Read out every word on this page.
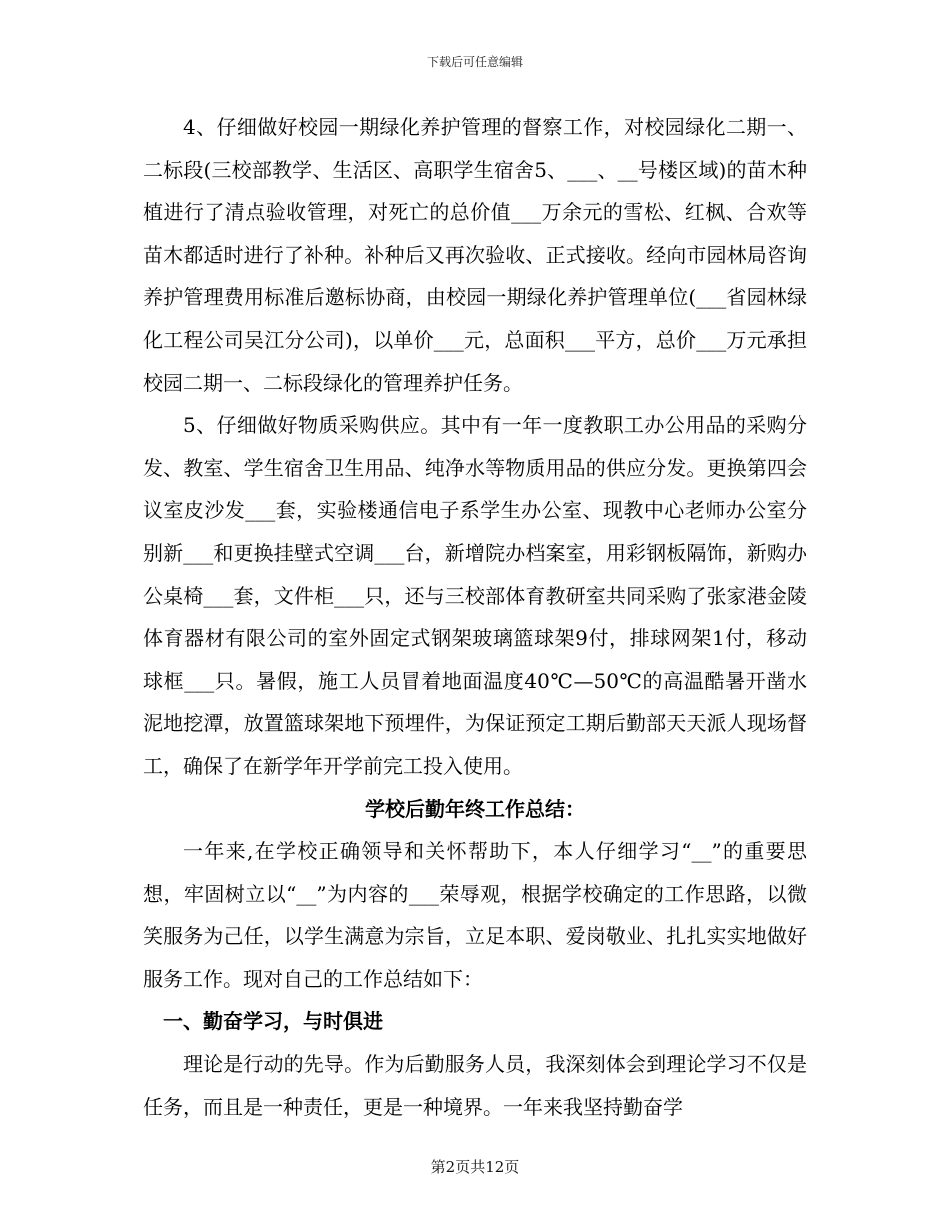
下载后可任意编辑

4、仔细做好校园一期绿化养护管理的督察工作，对校园绿化二期一、二标段(三校部教学、生活区、高职学生宿舍5、___、__号楼区域)的苗木种植进行了清点验收管理，对死亡的总价值___万余元的雪松、红枫、合欢等苗木都适时进行了补种。补种后又再次验收、正式接收。经向市园林局咨询养护管理费用标准后邀标协商，由校园一期绿化养护管理单位(___省园林绿化工程公司吴江分公司)，以单价___元，总面积___平方，总价___万元承担校园二期一、二标段绿化的管理养护任务。

5、仔细做好物质采购供应。其中有一年一度教职工办公用品的采购分发、教室、学生宿舍卫生用品、纯净水等物质用品的供应分发。更换第四会议室皮沙发___套，实验楼通信电子系学生办公室、现教中心老师办公室分别新___和更换挂壁式空调___台，新增院办档案室，用彩钢板隔饰，新购办公桌椅___套，文件柜___只，还与三校部体育教研室共同采购了张家港金陵体育器材有限公司的室外固定式钢架玻璃篮球架9付，排球网架1付，移动球框___只。暑假，施工人员冒着地面温度40℃—50℃的高温酷暑开凿水泥地挖潭，放置篮球架地下预埋件，为保证预定工期后勤部天天派人现场督工，确保了在新学年开学前完工投入使用。

学校后勤年终工作总结：

一年来,在学校正确领导和关怀帮助下，本人仔细学习“__”的重要思想，牢固树立以“__”为内容的___荣辱观，根据学校确定的工作思路，以微笑服务为己任，以学生满意为宗旨，立足本职、爱岗敬业、扎扎实实地做好服务工作。现对自己的工作总结如下：

一、勤奋学习，与时俱进

理论是行动的先导。作为后勤服务人员，我深刻体会到理论学习不仅是任务，而且是一种责任，更是一种境界。一年来我坚持勤奋学

第2页共12页
